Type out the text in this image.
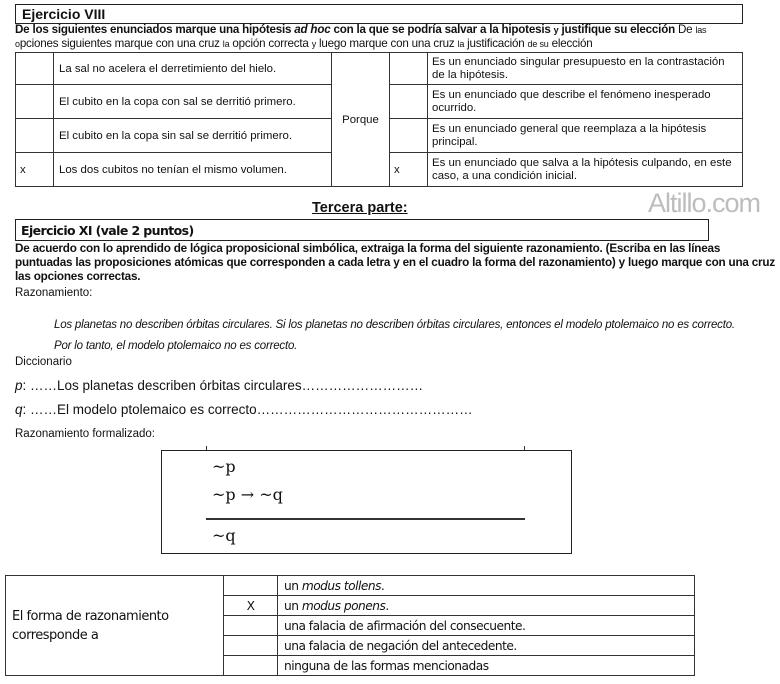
Ejercicio VIII
De los siguientes enunciados marque una hipótesis ad hoc con la que se podría salvar a la hipotesis y justifique su elección De las
opciones siguientes marque con una cruz la opción correcta y luego marque con una cruz la justificación de su elección
	La sal no acelera el derretimiento del hielo.	Porque		Es un enunciado singular presupuesto en la contrastación de la hipótesis.
	El cubito en la copa con sal se derritió primero.			Es un enunciado que describe el fenómeno inesperado ocurrido.
	El cubito en la copa sin sal se derritió primero.			Es un enunciado general que reemplaza a la hipótesis principal.
x	Los dos cubitos no tenían el mismo volumen.		x	Es un enunciado que salva a la hipótesis culpando, en este caso, a una condición inicial.
Tercera parte:	Altillo.com
Ejercicio XI (vale 2 puntos)
De acuerdo con lo aprendido de lógica proposicional simbólica, extraiga la forma del siguiente razonamiento. (Escriba en las líneas puntuadas las proposiciones atómicas que corresponden a cada letra y en el cuadro la forma del razonamiento) y luego marque con una cruz las opciones correctas.
Razonamiento:
Los planetas no describen órbitas circulares. Si los planetas no describen órbitas circulares, entonces el modelo ptolemaico no es correcto. Por lo tanto, el modelo ptolemaico no es correcto.
Diccionario
p: ……Los planetas describen órbitas circulares………………………
q: ……El modelo ptolemaico es correcto…………………………………………
Razonamiento formalizado:
~p
~p → ~q
~q
El forma de razonamiento corresponde a		un modus tollens.
	X	un modus ponens.
		una falacia de afirmación del consecuente.
		una falacia de negación del antecedente.
		ninguna de las formas mencionadas
